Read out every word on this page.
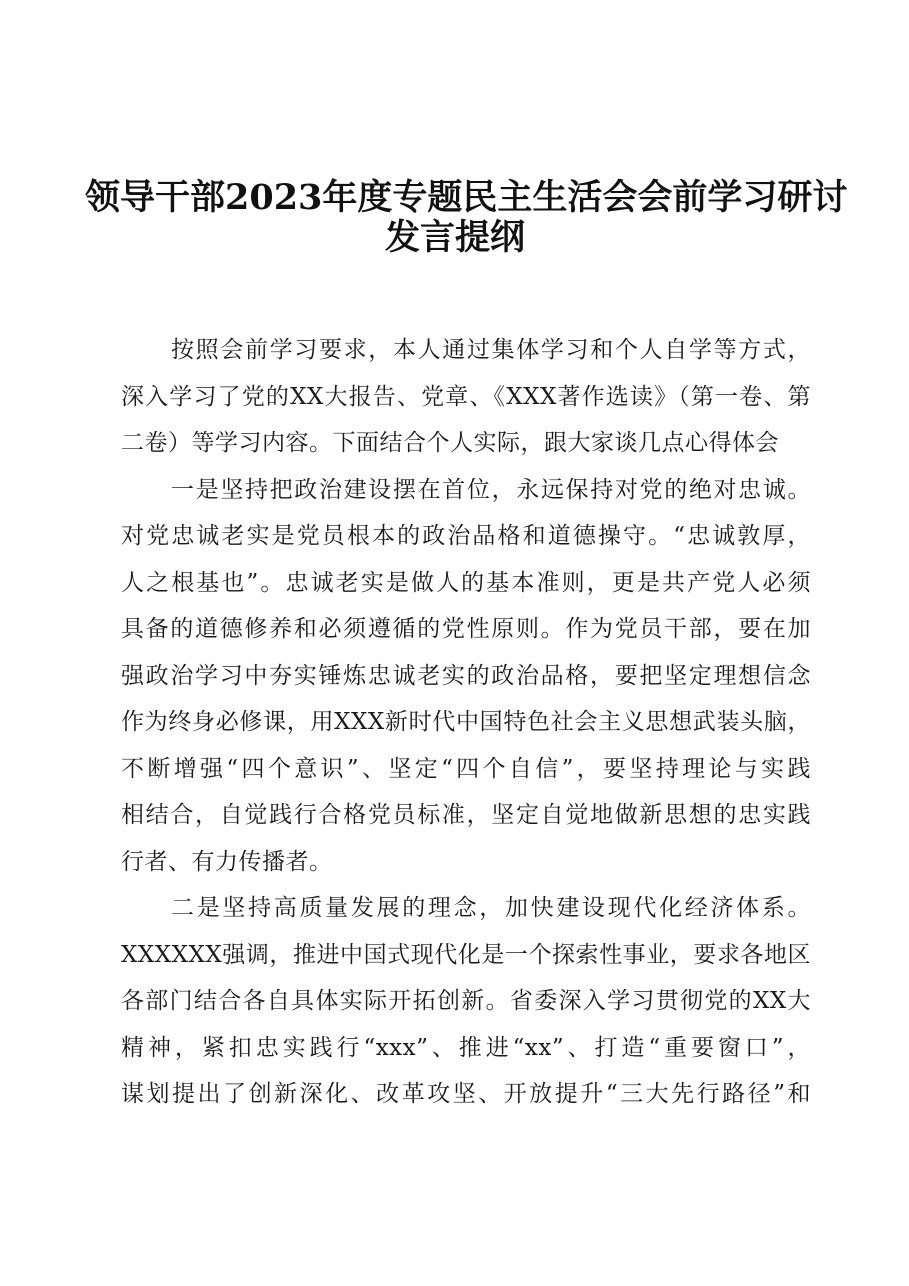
领导干部2023年度专题民主生活会会前学习研讨
发言提纲
按照会前学习要求，本人通过集体学习和个人自学等方式，
深入学习了党的XX大报告、党章、《XXX著作选读》（第一卷、第
二卷）等学习内容。下面结合个人实际，跟大家谈几点心得体会
一是坚持把政治建设摆在首位，永远保持对党的绝对忠诚。
对党忠诚老实是党员根本的政治品格和道德操守。“忠诚敦厚，
人之根基也”。忠诚老实是做人的基本准则，更是共产党人必须
具备的道德修养和必须遵循的党性原则。作为党员干部，要在加
强政治学习中夯实锤炼忠诚老实的政治品格，要把坚定理想信念
作为终身必修课，用XXX新时代中国特色社会主义思想武装头脑，
不断增强“四个意识”、坚定“四个自信”，要坚持理论与实践
相结合，自觉践行合格党员标准，坚定自觉地做新思想的忠实践
行者、有力传播者。
二是坚持高质量发展的理念，加快建设现代化经济体系。
XXXXXX强调，推进中国式现代化是一个探索性事业，要求各地区
各部门结合各自具体实际开拓创新。省委深入学习贯彻党的XX大
精神，紧扣忠实践行“xxx”、推进“xx”、打造“重要窗口”，
谋划提出了创新深化、改革攻坚、开放提升“三大先行路径”和
